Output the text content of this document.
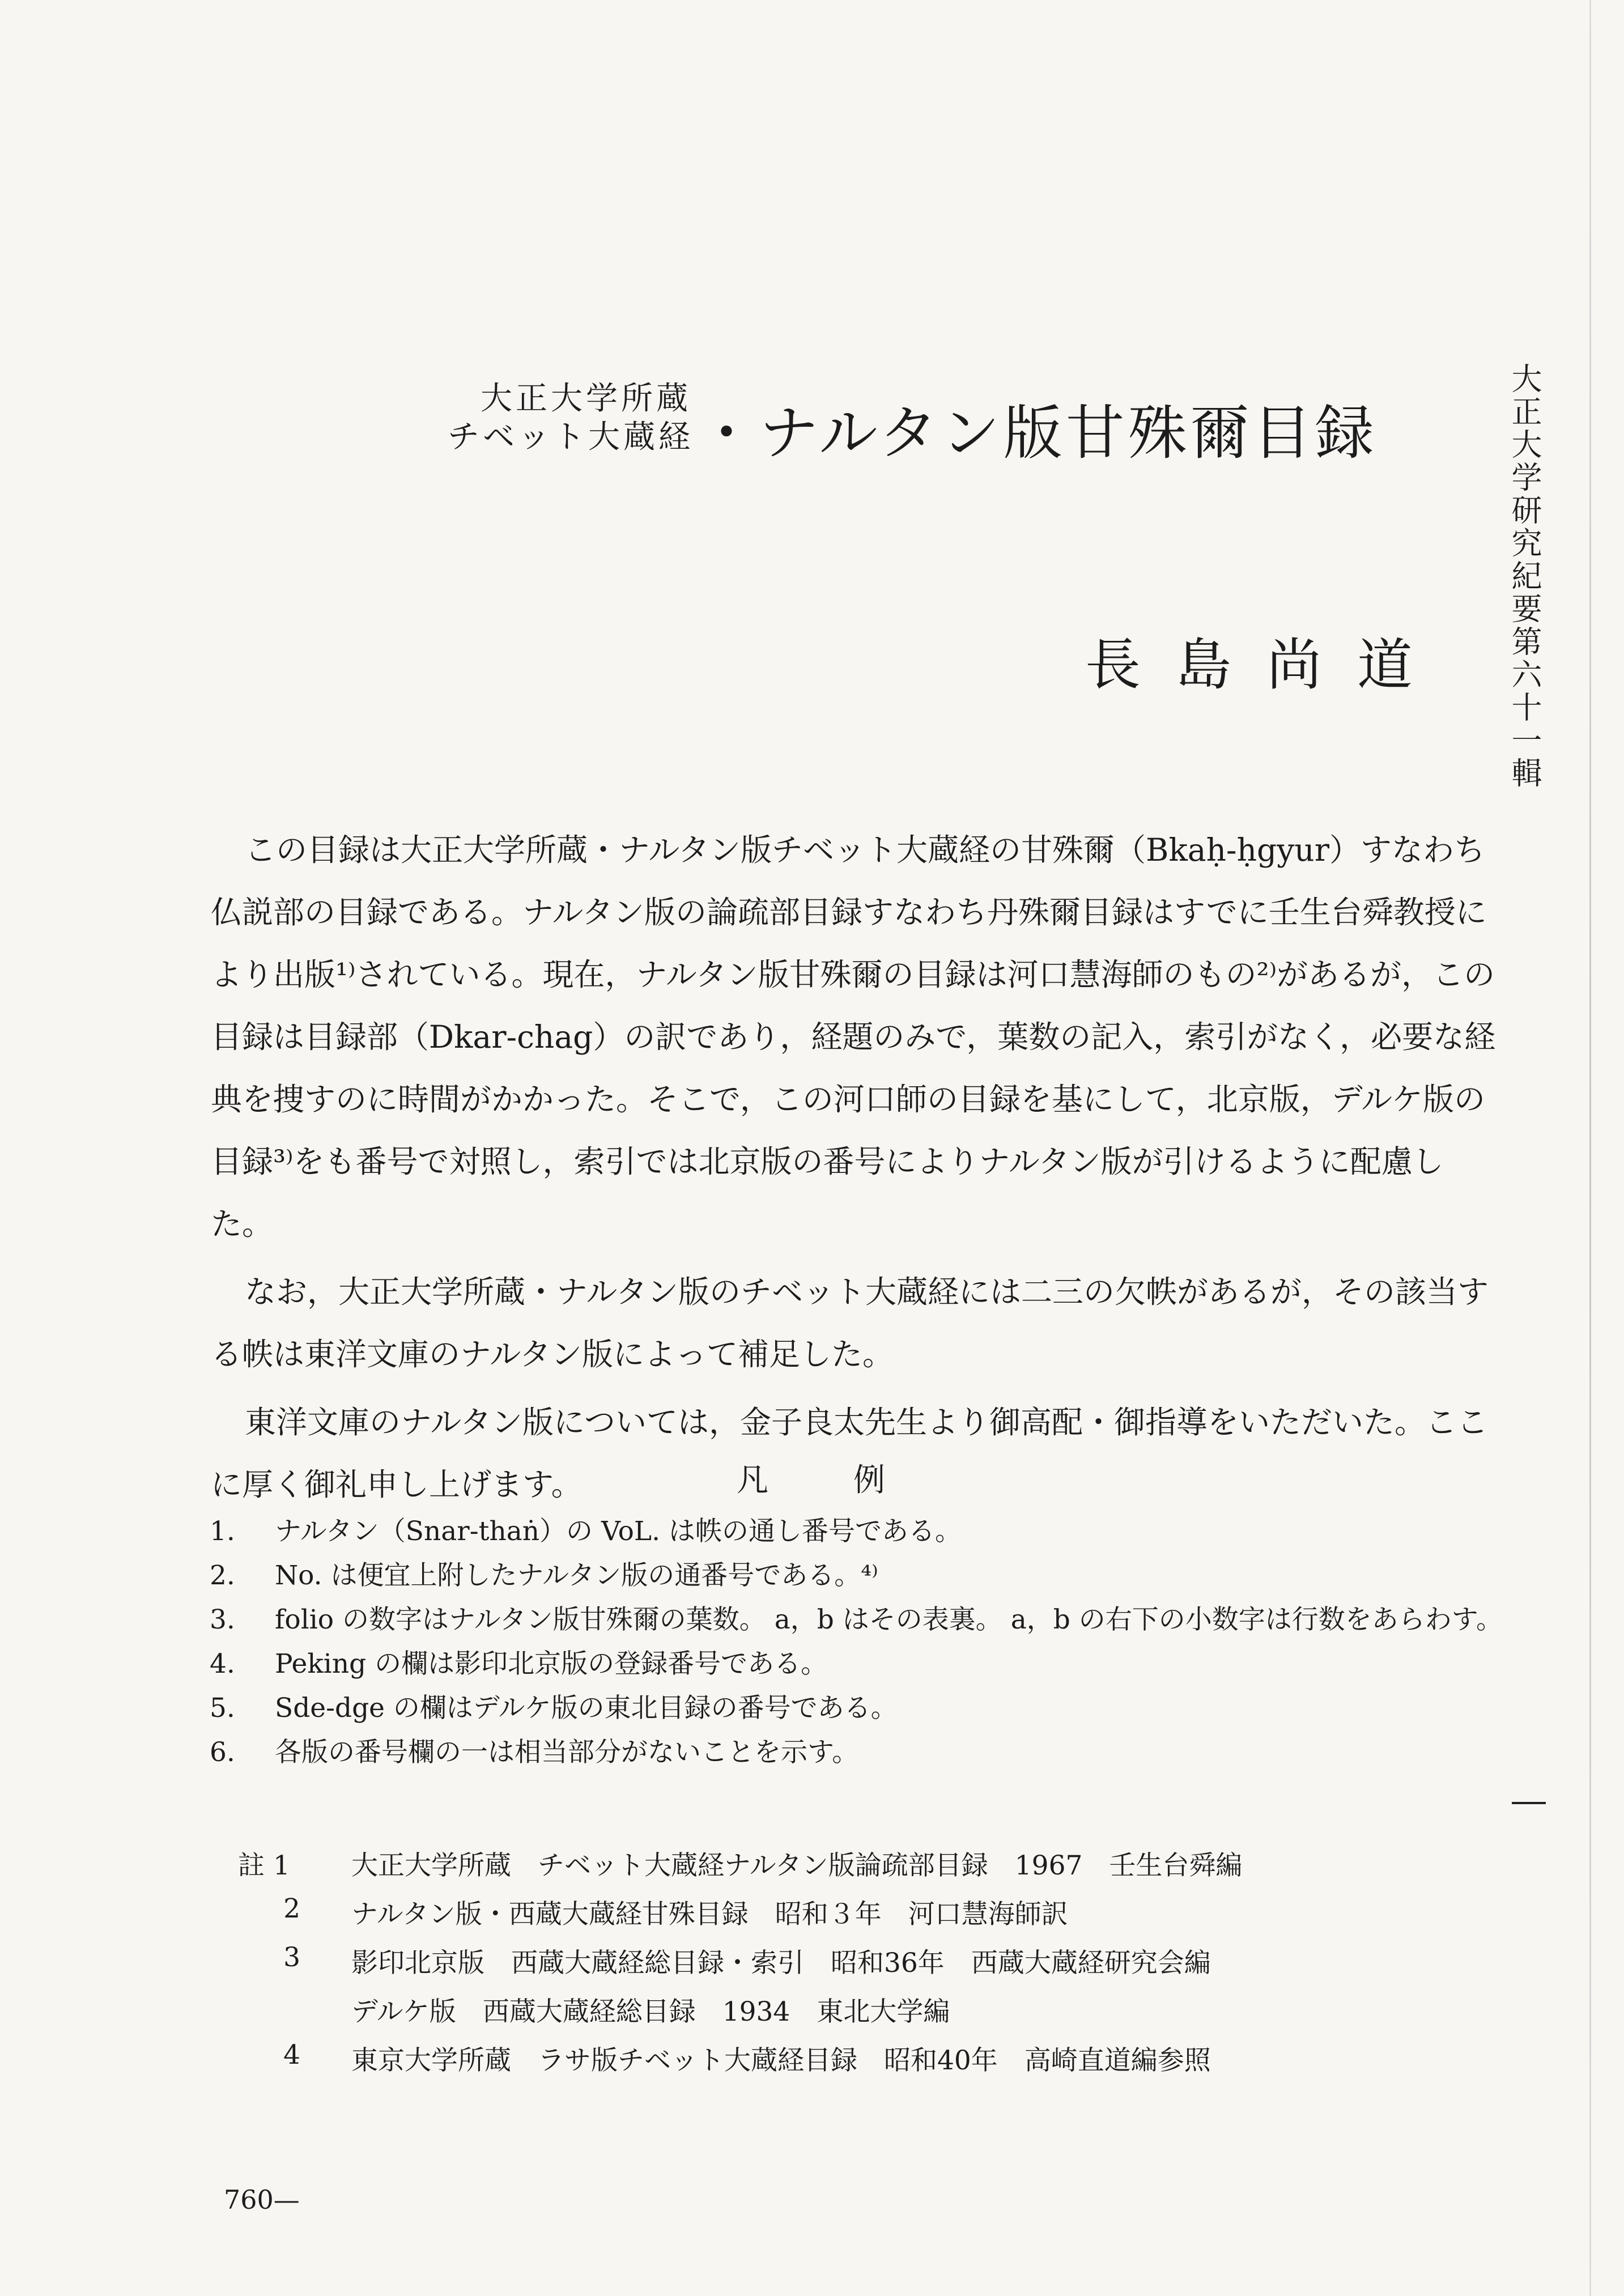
大正大学所蔵
チベット大蔵経 ・ナルタン版甘殊爾目録
長島尚道 大正大学研究紀要第六十一輯

この目録は大正大学所蔵・ナルタン版チベット大蔵経の甘殊爾（Bkaḥ-ḥgyur）すなわち仏説部の目録である。ナルタン版の論疏部目録すなわち丹殊爾目録はすでに壬生台舜教授により出版¹⁾されている。現在，ナルタン版甘殊爾の目録は河口慧海師のもの²⁾があるが，この目録は目録部（Dkar-chag）の訳であり，経題のみで，葉数の記入，索引がなく，必要な経典を捜すのに時間がかかった。そこで，この河口師の目録を基にして，北京版，デルケ版の目録³⁾をも番号で対照し，索引では北京版の番号によりナルタン版が引けるように配慮した。

なお，大正大学所蔵・ナルタン版のチベット大蔵経には二三の欠帙があるが，その該当する帙は東洋文庫のナルタン版によって補足した。

東洋文庫のナルタン版については，金子良太先生より御高配・御指導をいただいた。ここに厚く御礼申し上げます。	凡例
1. ナルタン（Snar-thaṅ）の VoL. は帙の通し番号である。
2. No. は便宜上附したナルタン版の通番号である。⁴⁾
3. folio の数字はナルタン版甘殊爾の葉数。 a，b はその表裏。 a，b の右下の小数字は行数をあらわす。
4. Peking の欄は影印北京版の登録番号である。
5. Sde-dge の欄はデルケ版の東北目録の番号である。
6. 各版の番号欄の一は相当部分がないことを示す。
註 1	大正大学所蔵　チベット大蔵経ナルタン版論疏部目録　1967　壬生台舜編
2 ナルタン版・西蔵大蔵経甘殊目録　昭和３年　河口慧海師訳
3 影印北京版　西蔵大蔵経総目録・索引　昭和36年　西蔵大蔵経研究会編
デルケ版　西蔵大蔵経総目録　1934　東北大学編
4 東京大学所蔵　ラサ版チベット大蔵経目録　昭和40年　高崎直道編参照
760—
